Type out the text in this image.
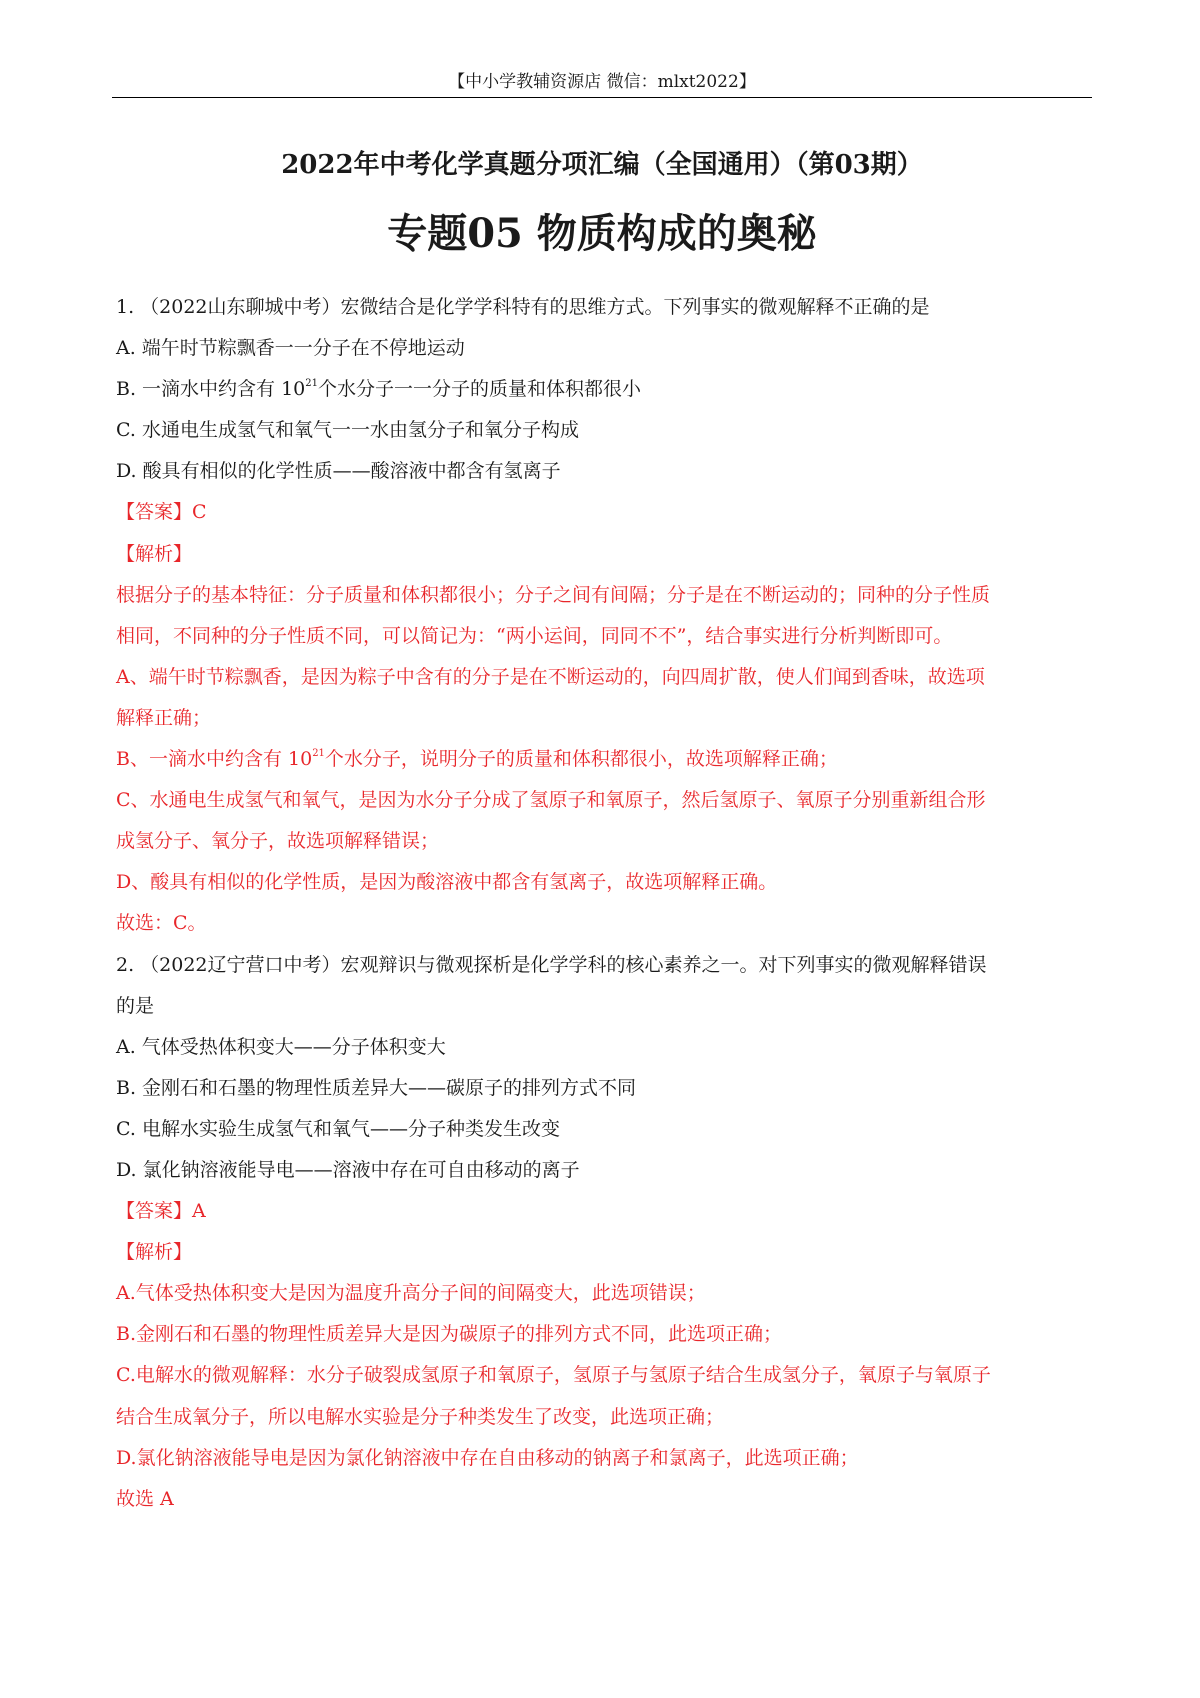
【中小学教辅资源店 微信：mlxt2022】
2022年中考化学真题分项汇编（全国通用）（第03期）
专题05 物质构成的奥秘
1. （2022山东聊城中考）宏微结合是化学学科特有的思维方式。下列事实的微观解释不正确的是
A. 端午时节粽飘香一一分子在不停地运动
B. 一滴水中约含有 $10^{21}$个水分子一一分子的质量和体积都很小
C. 水通电生成氢气和氧气一一水由氢分子和氧分子构成
D. 酸具有相似的化学性质——酸溶液中都含有氢离子
【答案】C
【解析】
根据分子的基本特征：分子质量和体积都很小；分子之间有间隔；分子是在不断运动的；同种的分子性质
相同，不同种的分子性质不同，可以简记为：“两小运间，同同不不”，结合事实进行分析判断即可。
A、端午时节粽飘香，是因为粽子中含有的分子是在不断运动的，向四周扩散，使人们闻到香味，故选项
解释正确；
B、一滴水中约含有 $10^{21}$个水分子，说明分子的质量和体积都很小，故选项解释正确；
C、水通电生成氢气和氧气，是因为水分子分成了氢原子和氧原子，然后氢原子、氧原子分别重新组合形
成氢分子、氧分子，故选项解释错误；
D、酸具有相似的化学性质，是因为酸溶液中都含有氢离子，故选项解释正确。
故选：C。
2. （2022辽宁营口中考）宏观辩识与微观探析是化学学科的核心素养之一。对下列事实的微观解释错误
的是
A. 气体受热体积变大——分子体积变大
B. 金刚石和石墨的物理性质差异大——碳原子的排列方式不同
C. 电解水实验生成氢气和氧气——分子种类发生改变
D. 氯化钠溶液能导电——溶液中存在可自由移动的离子
【答案】A
【解析】
A.气体受热体积变大是因为温度升高分子间的间隔变大，此选项错误；
B.金刚石和石墨的物理性质差异大是因为碳原子的排列方式不同，此选项正确；
C.电解水的微观解释：水分子破裂成氢原子和氧原子，氢原子与氢原子结合生成氢分子，氧原子与氧原子
结合生成氧分子，所以电解水实验是分子种类发生了改变，此选项正确；
D.氯化钠溶液能导电是因为氯化钠溶液中存在自由移动的钠离子和氯离子，此选项正确；
故选 A
